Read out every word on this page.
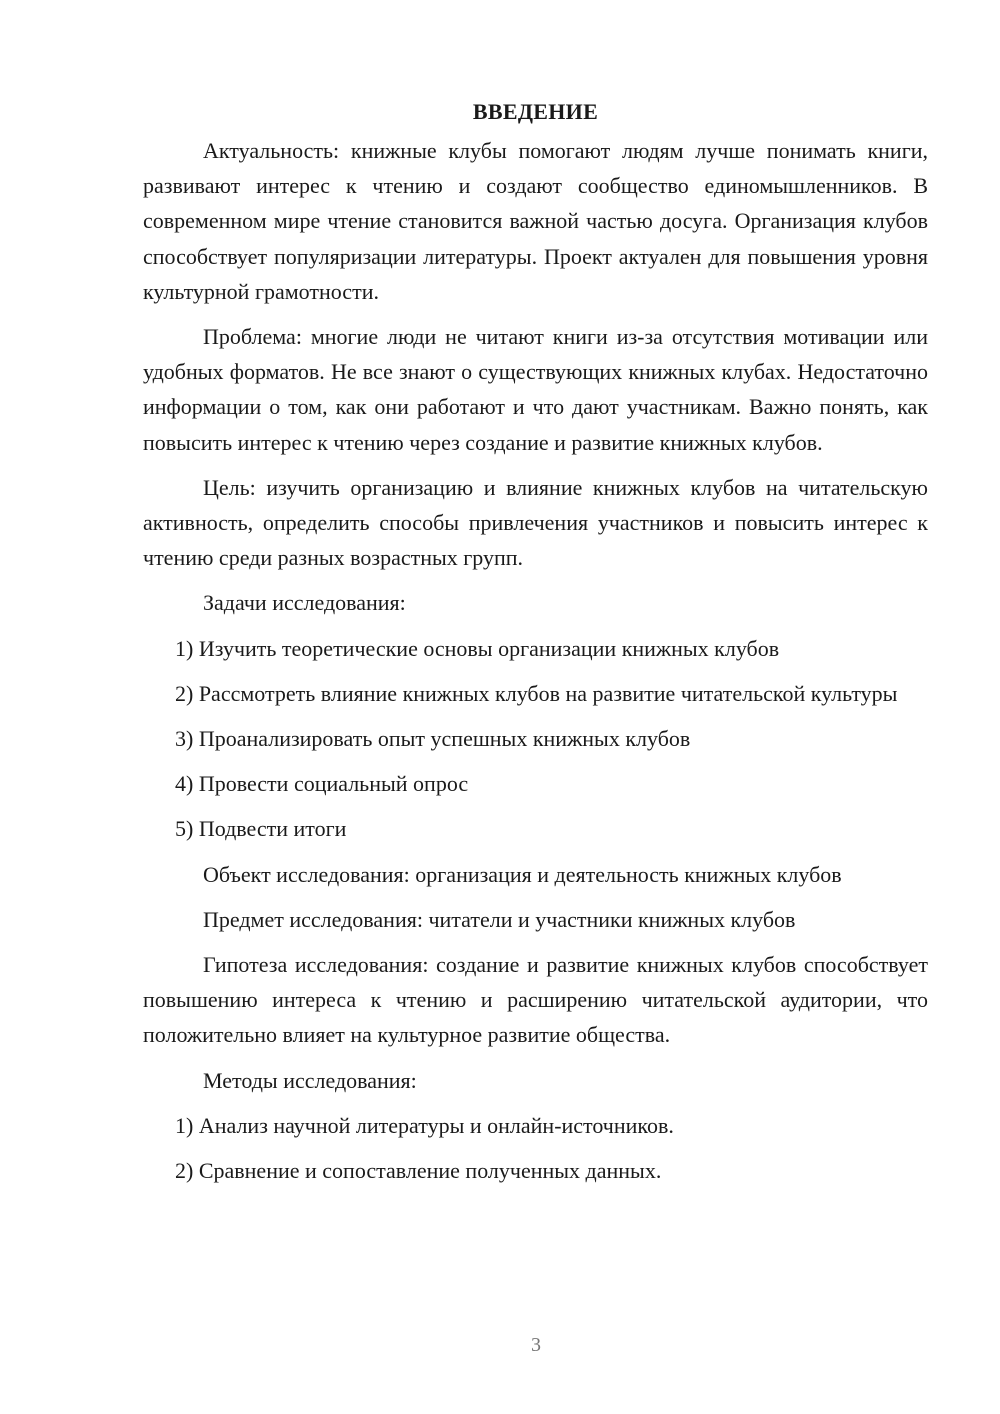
ВВЕДЕНИЕ

Актуальность: книжные клубы помогают людям лучше понимать книги, развивают интерес к чтению и создают сообщество единомышленников. В современном мире чтение становится важной частью досуга. Организация клубов способствует популяризации литературы. Проект актуален для повышения уровня культурной грамотности.

Проблема: многие люди не читают книги из-за отсутствия мотивации или удобных форматов. Не все знают о существующих книжных клубах. Недостаточно информации о том, как они работают и что дают участникам. Важно понять, как повысить интерес к чтению через создание и развитие книжных клубов.

Цель: изучить организацию и влияние книжных клубов на читательскую активность, определить способы привлечения участников и повысить интерес к чтению среди разных возрастных групп.

Задачи исследования:

1) Изучить теоретические основы организации книжных клубов

2) Рассмотреть влияние книжных клубов на развитие читательской культуры

3) Проанализировать опыт успешных книжных клубов

4) Провести социальный опрос

5) Подвести итоги

Объект исследования: организация и деятельность книжных клубов
Предмет исследования: читатели и участники книжных клубов

Гипотеза исследования: создание и развитие книжных клубов способствует повышению интереса к чтению и расширению читательской аудитории, что положительно влияет на культурное развитие общества.

Методы исследования:

1) Анализ научной литературы и онлайн-источников.

2) Сравнение и сопоставление полученных данных.

3
